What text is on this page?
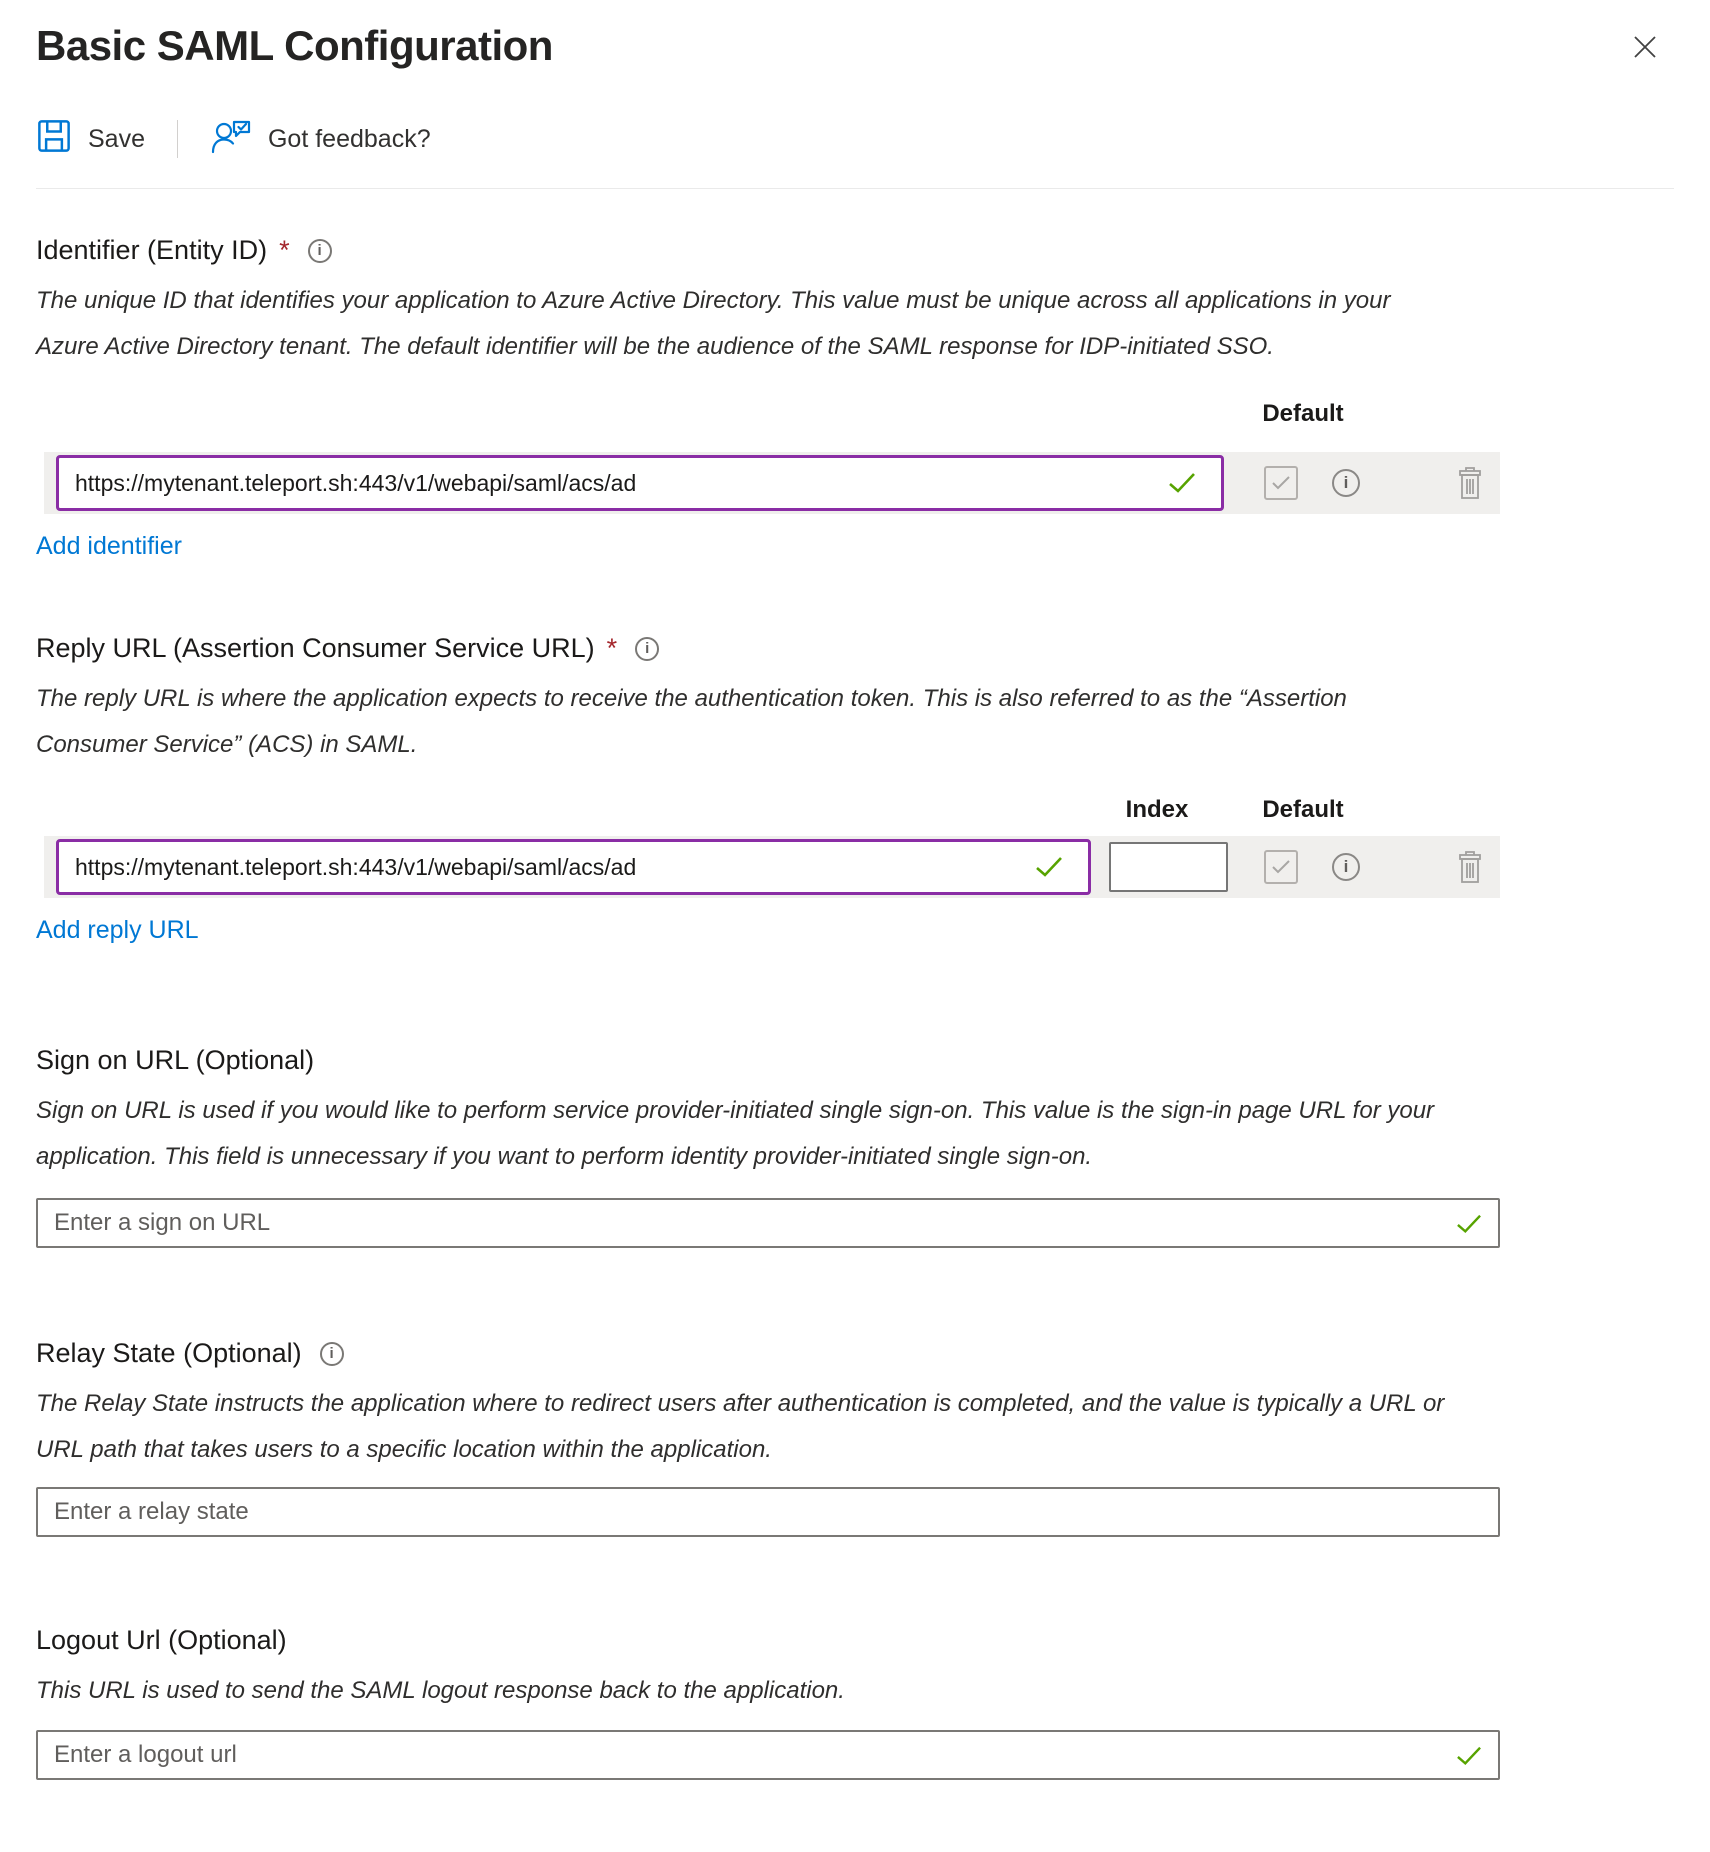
Basic SAML Configuration
Save	Got feedback?
Identifier (Entity ID) *	i

The unique ID that identifies your application to Azure Active Directory. This value must be unique across all applications in your Azure Active Directory tenant. The default identifier will be the audience of the SAML response for IDP-initiated SSO.

Default
https://mytenant.teleport.sh:443/v1/webapi/saml/acs/ad
i
Add identifier
Reply URL (Assertion Consumer Service URL) *	i

The reply URL is where the application expects to receive the authentication token. This is also referred to as the “Assertion Consumer Service” (ACS) in SAML.

Index	Default
https://mytenant.teleport.sh:443/v1/webapi/saml/acs/ad
i
Add reply URL
Sign on URL (Optional)

Sign on URL is used if you would like to perform service provider-initiated single sign-on. This value is the sign-in page URL for your application. This field is unnecessary if you want to perform identity provider-initiated single sign-on.

Enter a sign on URL
Relay State (Optional)	i

The Relay State instructs the application where to redirect users after authentication is completed, and the value is typically a URL or URL path that takes users to a specific location within the application.

Enter a relay state
Logout Url (Optional)

This URL is used to send the SAML logout response back to the application.

Enter a logout url
